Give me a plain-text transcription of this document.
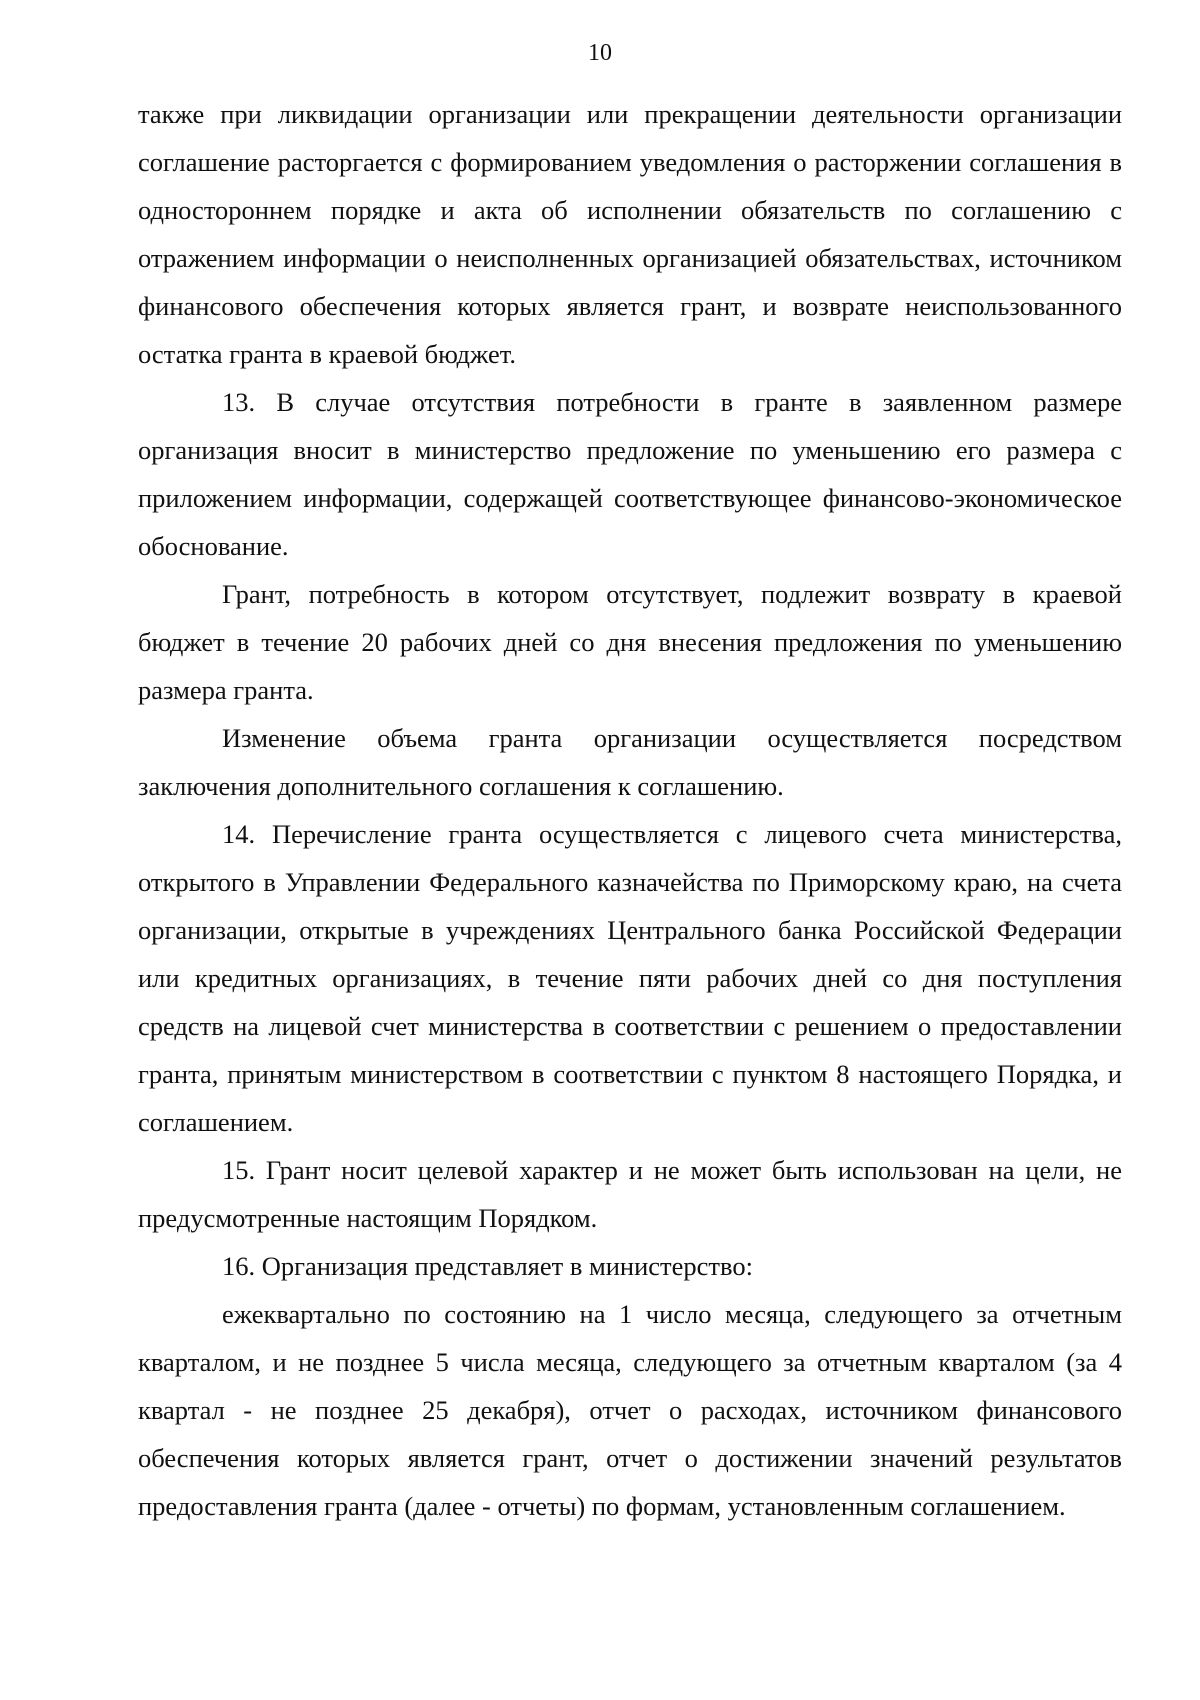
10

также при ликвидации организации или прекращении деятельности организации соглашение расторгается с формированием уведомления о расторжении соглашения в одностороннем порядке и акта об исполнении обязательств по соглашению с отражением информации о неисполненных организацией обязательствах, источником финансового обеспечения которых является грант, и возврате неиспользованного остатка гранта в краевой бюджет.

13. В случае отсутствия потребности в гранте в заявленном размере организация вносит в министерство предложение по уменьшению его размера с приложением информации, содержащей соответствующее финансово-экономическое обоснование.

Грант, потребность в котором отсутствует, подлежит возврату в краевой бюджет в течение 20 рабочих дней со дня внесения предложения по уменьшению размера гранта.

Изменение объема гранта организации осуществляется посредством заключения дополнительного соглашения к соглашению.

14. Перечисление гранта осуществляется с лицевого счета министерства, открытого в Управлении Федерального казначейства по Приморскому краю, на счета организации, открытые в учреждениях Центрального банка Российской Федерации или кредитных организациях, в течение пяти рабочих дней со дня поступления средств на лицевой счет министерства в соответствии с решением о предоставлении гранта, принятым министерством в соответствии с пунктом 8 настоящего Порядка, и соглашением.

15. Грант носит целевой характер и не может быть использован на цели, не предусмотренные настоящим Порядком.

16. Организация представляет в министерство:

ежеквартально по состоянию на 1 число месяца, следующего за отчетным кварталом, и не позднее 5 числа месяца, следующего за отчетным кварталом (за 4 квартал - не позднее 25 декабря), отчет о расходах, источником финансового обеспечения которых является грант, отчет о достижении значений результатов предоставления гранта (далее - отчеты) по формам, установленным соглашением.
